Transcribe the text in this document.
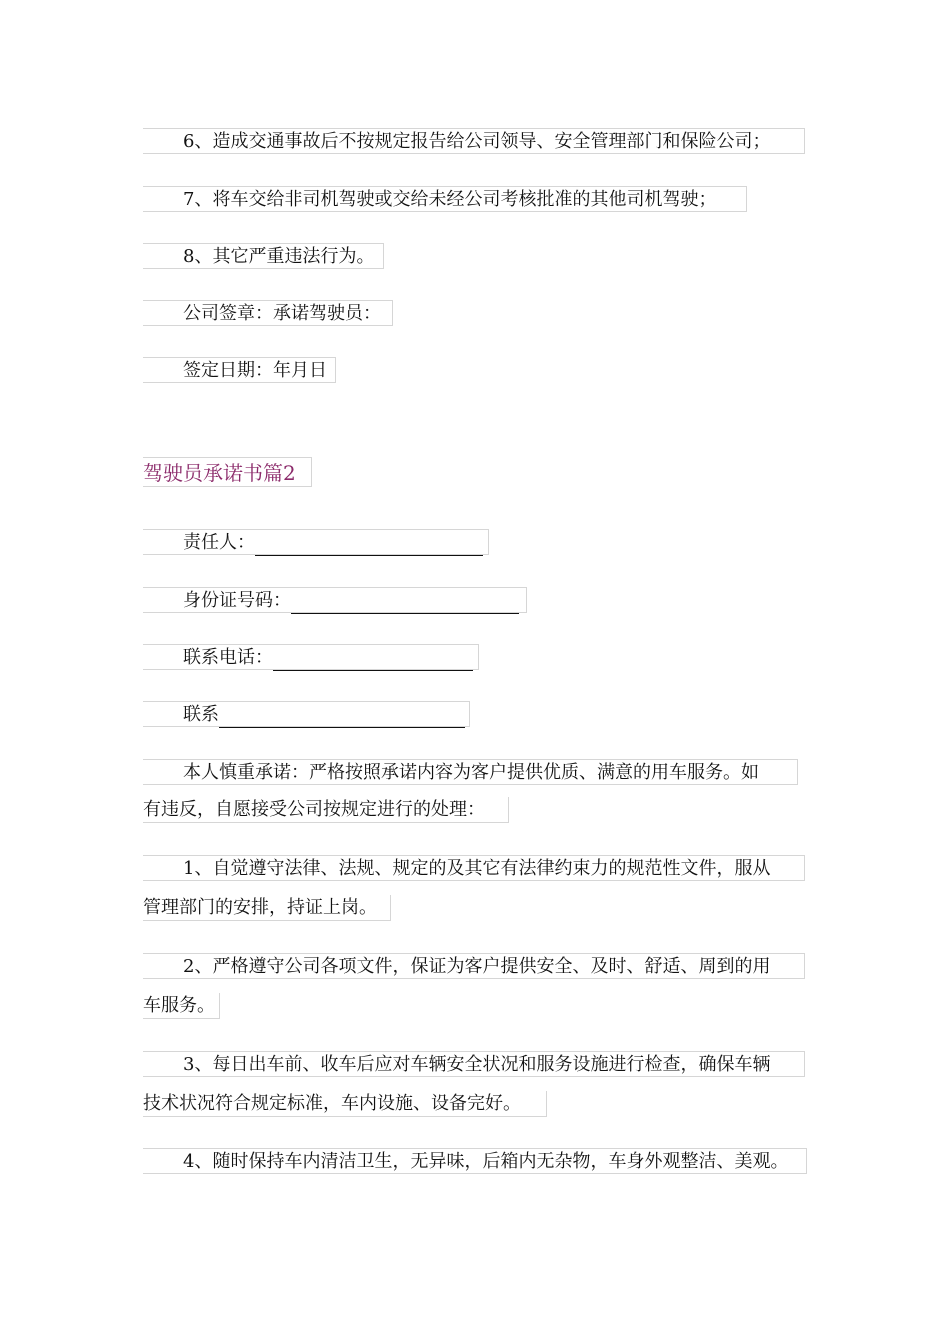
6、造成交通事故后不按规定报告给公司领导、安全管理部门和保险公司；
7、将车交给非司机驾驶或交给未经公司考核批准的其他司机驾驶；
8、其它严重违法行为。
公司签章：承诺驾驶员：
签定日期：年月日
驾驶员承诺书篇2
责任人：
身份证号码：
联系电话：
联系
本人慎重承诺：严格按照承诺内容为客户提供优质、满意的用车服务。如
有违反，自愿接受公司按规定进行的处理：
1、自觉遵守法律、法规、规定的及其它有法律约束力的规范性文件，服从
管理部门的安排，持证上岗。
2、严格遵守公司各项文件，保证为客户提供安全、及时、舒适、周到的用
车服务。
3、每日出车前、收车后应对车辆安全状况和服务设施进行检查，确保车辆
技术状况符合规定标准，车内设施、设备完好。
4、随时保持车内清洁卫生，无异味，后箱内无杂物，车身外观整洁、美观。
